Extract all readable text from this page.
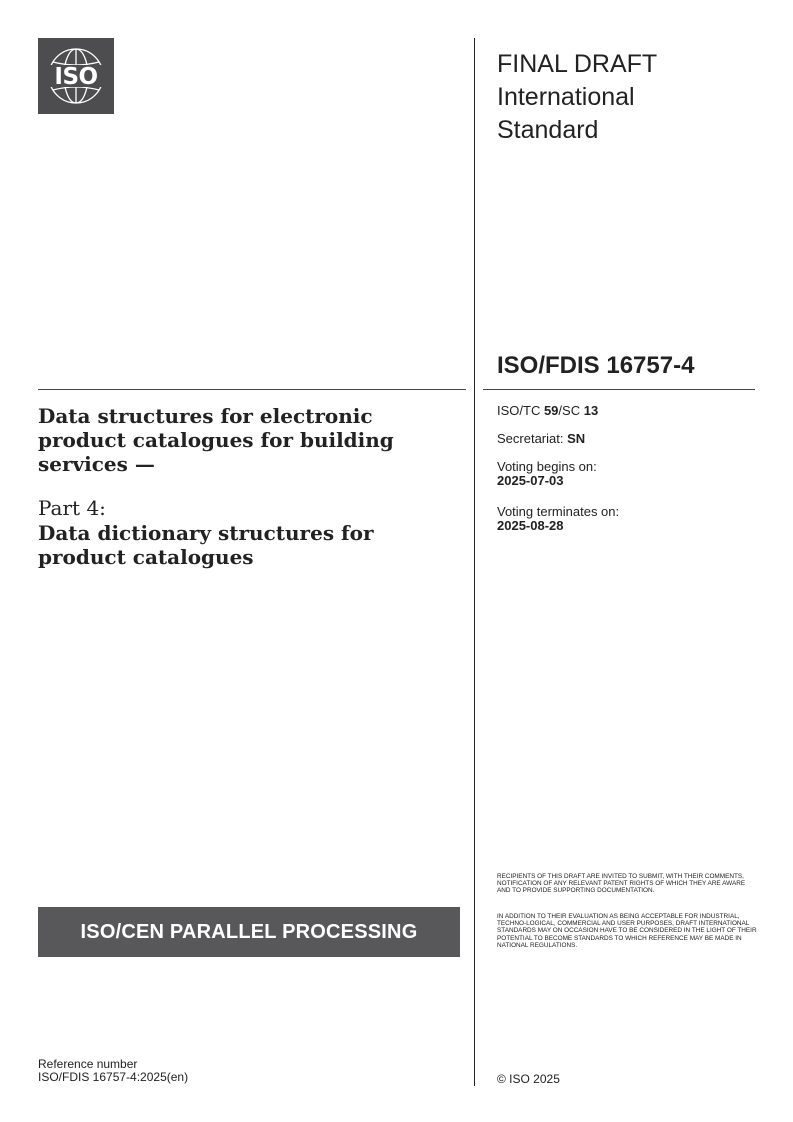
ISO	FINAL DRAFT
International
Standard
ISO/FDIS 16757-4
Data structures for electronic product catalogues for building services —
Part 4:
Data dictionary structures for product catalogues
ISO/TC 59/SC 13
Secretariat: SN
Voting begins on:
2025-07-03
Voting terminates on:
2025-08-28
ISO/CEN PARALLEL PROCESSING
RECIPIENTS OF THIS DRAFT ARE INVITED TO SUBMIT, WITH THEIR COMMENTS, NOTIFICATION OF ANY RELEVANT PATENT RIGHTS OF WHICH THEY ARE AWARE AND TO PROVIDE SUPPORTING DOCUMENTATION.
IN ADDITION TO THEIR EVALUATION AS BEING ACCEPTABLE FOR INDUSTRIAL, TECHNO-LOGICAL, COMMERCIAL AND USER PURPOSES, DRAFT INTERNATIONAL STANDARDS MAY ON OCCASION HAVE TO BE CONSIDERED IN THE LIGHT OF THEIR POTENTIAL TO BECOME STANDARDS TO WHICH REFERENCE MAY BE MADE IN NATIONAL REGULATIONS.
Reference number
ISO/FDIS 16757-4:2025(en)	© ISO 2025
